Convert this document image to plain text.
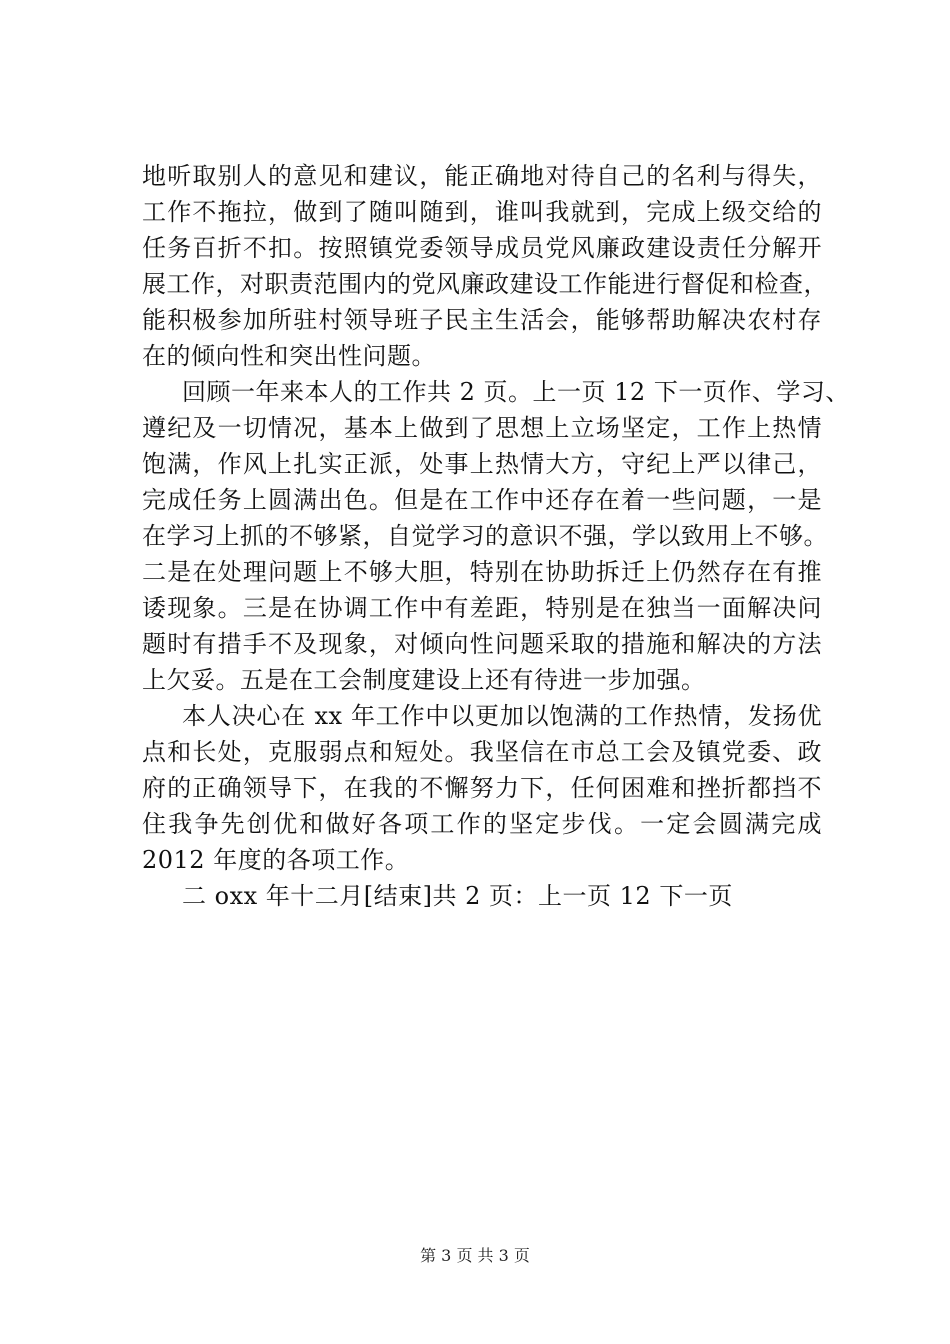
地听取别人的意见和建议，能正确地对待自己的名利与得失，
工作不拖拉，做到了随叫随到，谁叫我就到，完成上级交给的
任务百折不扣。按照镇党委领导成员党风廉政建设责任分解开
展工作，对职责范围内的党风廉政建设工作能进行督促和检查，
能积极参加所驻村领导班子民主生活会，能够帮助解决农村存
在的倾向性和突出性问题。
回顾一年来本人的工作共 2 页。上一页 12 下一页作、学习、
遵纪及一切情况，基本上做到了思想上立场坚定，工作上热情
饱满，作风上扎实正派，处事上热情大方，守纪上严以律己，
完成任务上圆满出色。但是在工作中还存在着一些问题，一是
在学习上抓的不够紧，自觉学习的意识不强，学以致用上不够。
二是在处理问题上不够大胆，特别在协助拆迁上仍然存在有推
诿现象。三是在协调工作中有差距，特别是在独当一面解决问
题时有措手不及现象，对倾向性问题采取的措施和解决的方法
上欠妥。五是在工会制度建设上还有待进一步加强。
本人决心在 xx 年工作中以更加以饱满的工作热情，发扬优
点和长处，克服弱点和短处。我坚信在市总工会及镇党委、政
府的正确领导下，在我的不懈努力下，任何困难和挫折都挡不
住我争先创优和做好各项工作的坚定步伐。一定会圆满完成
2012 年度的各项工作。
二 oxx 年十二月[结束]共 2 页：上一页 12 下一页
第 3 页 共 3 页
